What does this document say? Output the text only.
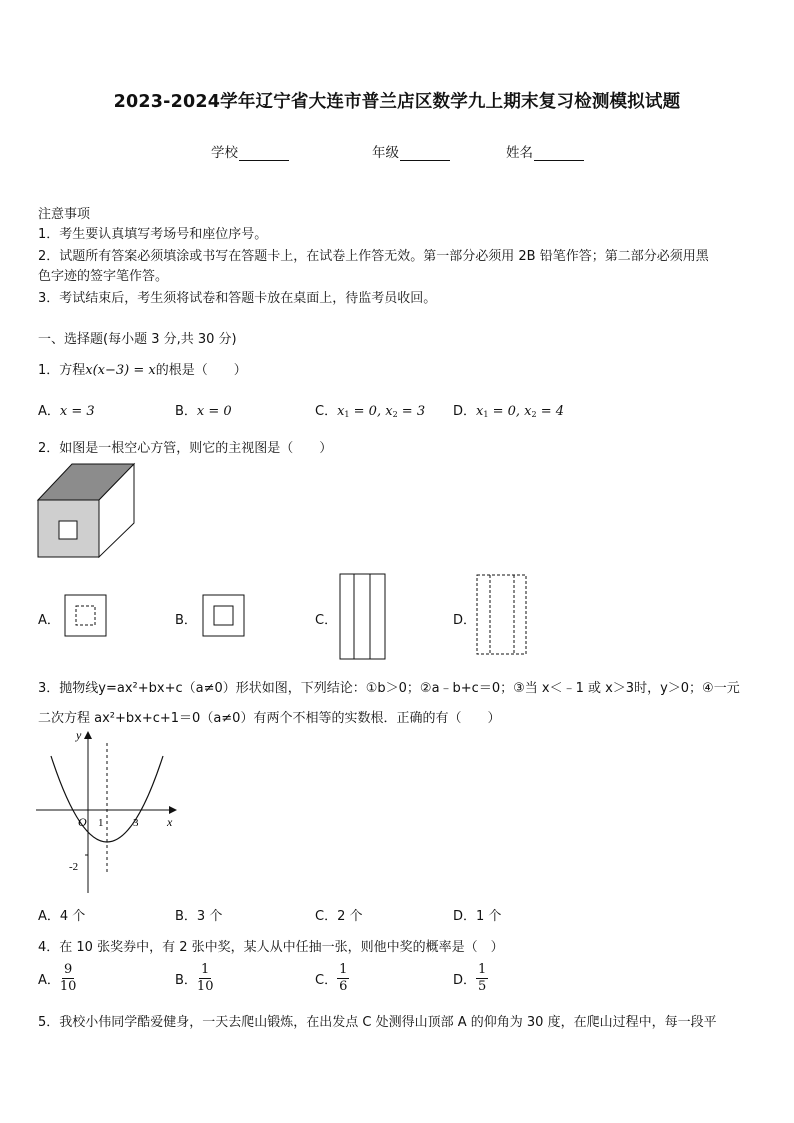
2023-2024学年辽宁省大连市普兰店区数学九上期末复习检测模拟试题
学校	年级	姓名
注意事项
1．考生要认真填写考场号和座位序号。
2．试题所有答案必须填涂或书写在答题卡上，在试卷上作答无效。第一部分必须用 2B 铅笔作答；第二部分必须用黑
色字迹的签字笔作答。
3．考试结束后，考生须将试卷和答题卡放在桌面上，待监考员收回。
一、选择题(每小题 3 分,共 30 分)
1．方程x(x−3) = x的根是（　　）
A．x = 3	B．x = 0	C．$x_1 = 0$, $x_2 = 3$ D．$x_1 = 0$, $x_2 = 4$
2．如图是一根空心方管，则它的主视图是（　　）
A．	B．	C．	D．
3．抛物线y=ax²+bx+c（a≠0）形状如图，下列结论：①b＞0；②a﹣b+c＝0；③当 x＜﹣1 或 x＞3时，y＞0；④一元
二次方程 ax²+bx+c+1＝0（a≠0）有两个不相等的实数根．正确的有（　　）
y
x
O 1	3
-2
A．4 个	B．3 个	C．2 个	D．1 个
4．在 10 张奖券中，有 2 张中奖，某人从中任抽一张，则他中奖的概率是（　）
A． $\frac{9}{10}$	B． $\frac{1}{10}$	C． $\frac{1}{6}$	D． $\frac{1}{5}$
5．我校小伟同学酷爱健身，一天去爬山锻炼，在出发点 C 处测得山顶部 A 的仰角为 30 度，在爬山过程中，每一段平
